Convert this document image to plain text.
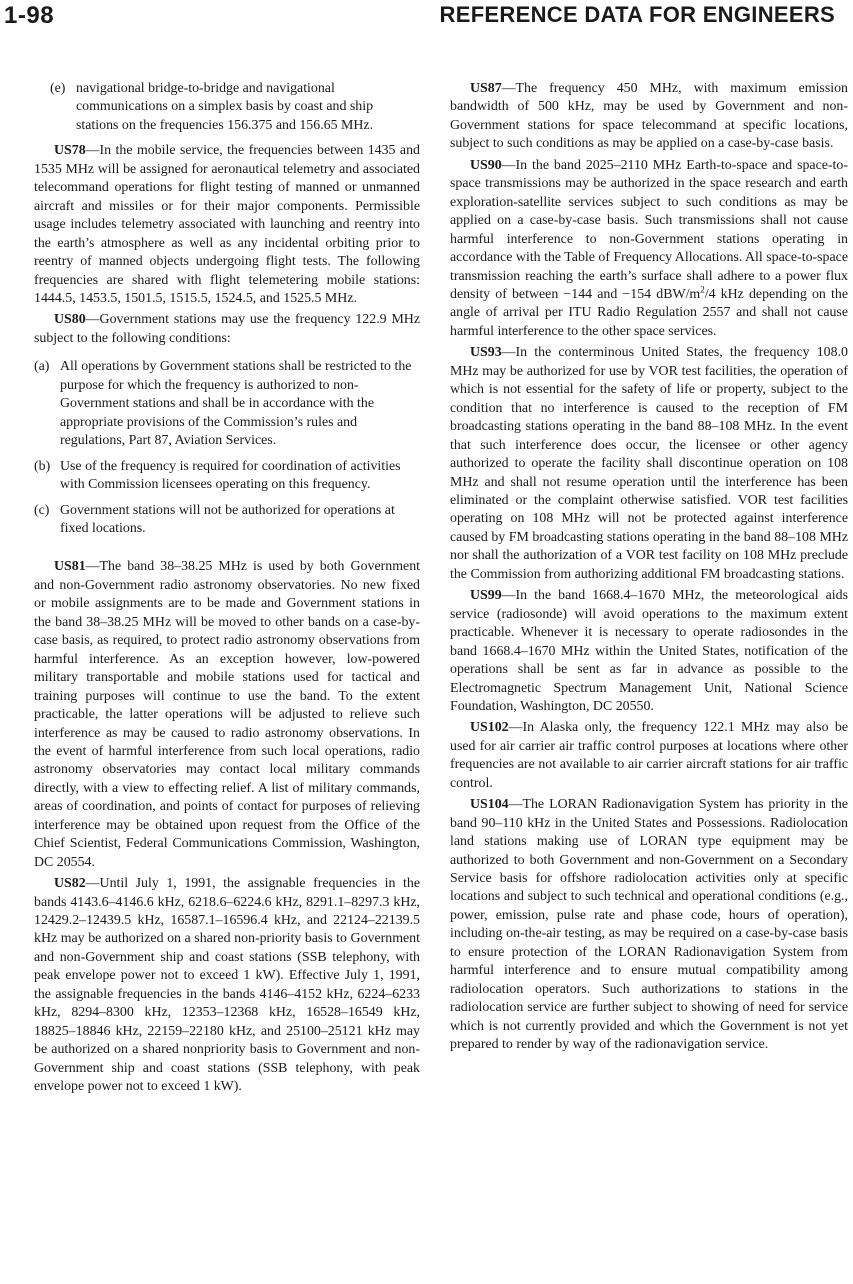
1-98	REFERENCE DATA FOR ENGINEERS
(e) navigational bridge-to-bridge and navigational communications on a simplex basis by coast and ship stations on the frequencies 156.375 and 156.65 MHz.

US78—In the mobile service, the frequencies between 1435 and 1535 MHz will be assigned for aeronautical telemetry and associated telecommand operations for flight testing of manned or unmanned aircraft and missiles or for their major components. Permissible usage includes telemetry associated with launching and reentry into the earth’s atmosphere as well as any incidental orbiting prior to reentry of manned objects undergoing flight tests. The following frequencies are shared with flight telemetering mobile stations: 1444.5, 1453.5, 1501.5, 1515.5, 1524.5, and 1525.5 MHz.

US80—Government stations may use the frequency 122.9 MHz subject to the following conditions:

(a) All operations by Government stations shall be restricted to the purpose for which the frequency is authorized to non-Government stations and shall be in accordance with the appropriate provisions of the Commission’s rules and regulations, Part 87, Aviation Services.
(b) Use of the frequency is required for coordination of activities with Commission licensees operating on this frequency.
(c) Government stations will not be authorized for operations at fixed locations.

US81—The band 38–38.25 MHz is used by both Government and non-Government radio astronomy observatories. No new fixed or mobile assignments are to be made and Government stations in the band 38–38.25 MHz will be moved to other bands on a case-by-case basis, as required, to protect radio astronomy observations from harmful interference. As an exception however, low-powered military transportable and mobile stations used for tactical and training purposes will continue to use the band. To the extent practicable, the latter operations will be adjusted to relieve such interference as may be caused to radio astronomy observations. In the event of harmful interference from such local operations, radio astronomy observatories may contact local military commands directly, with a view to effecting relief. A list of military commands, areas of coordination, and points of contact for purposes of relieving interference may be obtained upon request from the Office of the Chief Scientist, Federal Communications Commission, Washington, DC 20554.

US82—Until July 1, 1991, the assignable frequencies in the bands 4143.6–4146.6 kHz, 6218.6–6224.6 kHz, 8291.1–8297.3 kHz, 12429.2–12439.5 kHz, 16587.1–16596.4 kHz, and 22124–22139.5 kHz may be authorized on a shared non-priority basis to Government and non-Government ship and coast stations (SSB telephony, with peak envelope power not to exceed 1 kW). Effective July 1, 1991, the assignable frequencies in the bands 4146–4152 kHz, 6224–6233 kHz, 8294–8300 kHz, 12353–12368 kHz, 16528–16549 kHz, 18825–18846 kHz, 22159–22180 kHz, and 25100–25121 kHz may be authorized on a shared nonpriority basis to Government and non-Government ship and coast stations (SSB telephony, with peak envelope power not to exceed 1 kW).

US87—The frequency 450 MHz, with maximum emission bandwidth of 500 kHz, may be used by Government and non-Government stations for space telecommand at specific locations, subject to such conditions as may be applied on a case-by-case basis.

US90—In the band 2025–2110 MHz Earth-to-space and space-to-space transmissions may be authorized in the space research and earth exploration-satellite services subject to such conditions as may be applied on a case-by-case basis. Such transmissions shall not cause harmful interference to non-Government stations operating in accordance with the Table of Frequency Allocations. All space-to-space transmission reaching the earth’s surface shall adhere to a power flux density of between −144 and −154 dBW/$m^2/4$ kHz depending on the angle of arrival per ITU Radio Regulation 2557 and shall not cause harmful interference to the other space services.

US93—In the conterminous United States, the frequency 108.0 MHz may be authorized for use by VOR test facilities, the operation of which is not essential for the safety of life or property, subject to the condition that no interference is caused to the reception of FM broadcasting stations operating in the band 88–108 MHz. In the event that such interference does occur, the licensee or other agency authorized to operate the facility shall discontinue operation on 108 MHz and shall not resume operation until the interference has been eliminated or the complaint otherwise satisfied. VOR test facilities operating on 108 MHz will not be protected against interference caused by FM broadcasting stations operating in the band 88–108 MHz nor shall the authorization of a VOR test facility on 108 MHz preclude the Commission from authorizing additional FM broadcasting stations.

US99—In the band 1668.4–1670 MHz, the meteorological aids service (radiosonde) will avoid operations to the maximum extent practicable. Whenever it is necessary to operate radiosondes in the band 1668.4–1670 MHz within the United States, notification of the operations shall be sent as far in advance as possible to the Electromagnetic Spectrum Management Unit, National Science Foundation, Washington, DC 20550.

US102—In Alaska only, the frequency 122.1 MHz may also be used for air carrier air traffic control purposes at locations where other frequencies are not available to air carrier aircraft stations for air traffic control.

US104—The LORAN Radionavigation System has priority in the band 90–110 kHz in the United States and Possessions. Radiolocation land stations making use of LORAN type equipment may be authorized to both Government and non-Government on a Secondary Service basis for offshore radiolocation activities only at specific locations and subject to such technical and operational conditions (e.g., power, emission, pulse rate and phase code, hours of operation), including on-the-air testing, as may be required on a case-by-case basis to ensure protection of the LORAN Radionavigation System from harmful interference and to ensure mutual compatibility among radiolocation operators. Such authorizations to stations in the radiolocation service are further subject to showing of need for service which is not currently provided and which the Government is not yet prepared to render by way of the radionavigation service.
